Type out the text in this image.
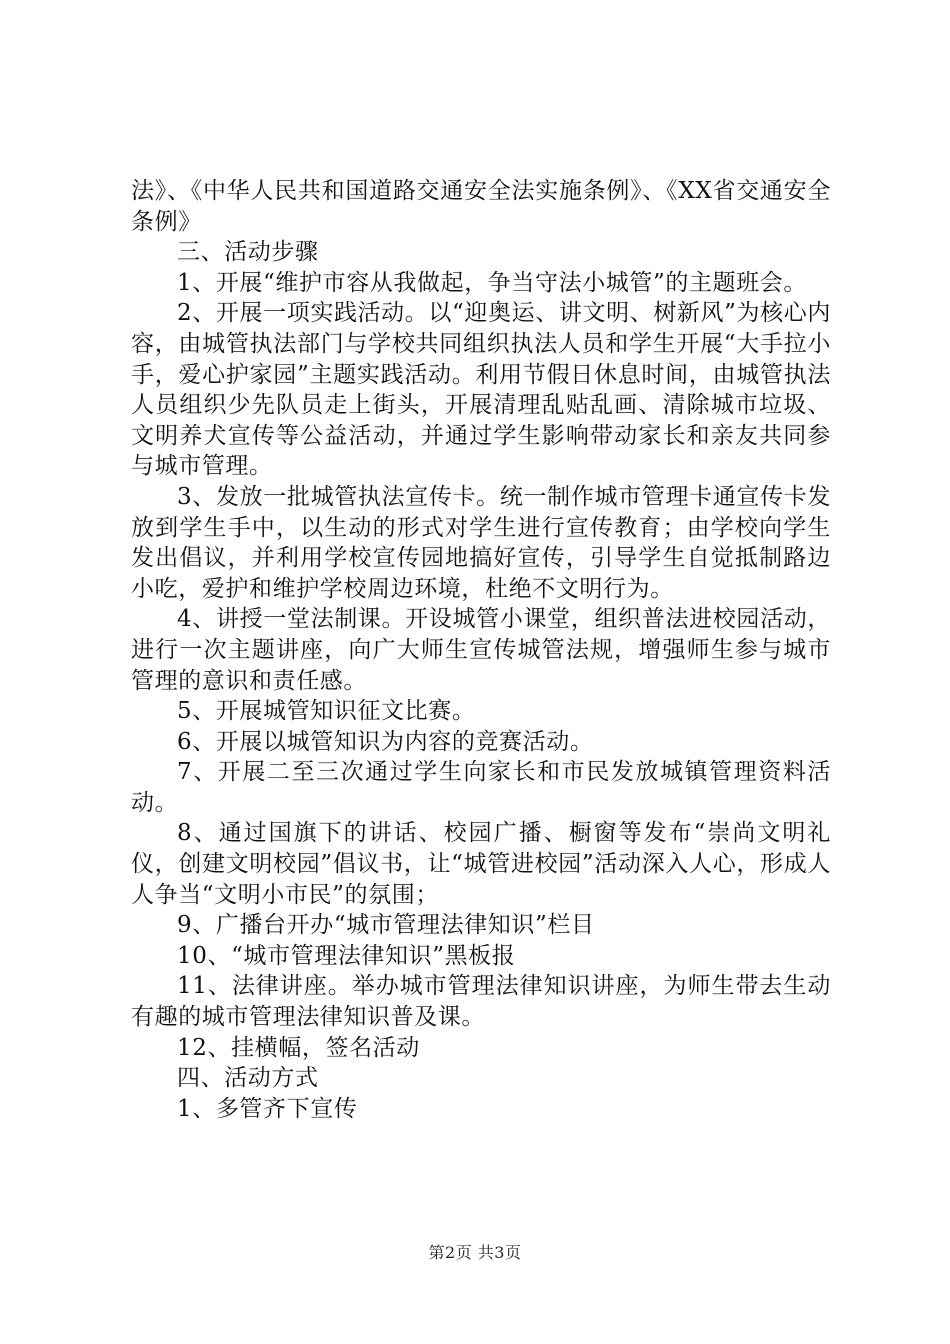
法》、《中华人民共和国道路交通安全法实施条例》、《XX省交通安全条例》

三、活动步骤

1、开展“维护市容从我做起，争当守法小城管”的主题班会。

2、开展一项实践活动。以“迎奥运、讲文明、树新风”为核心内容，由城管执法部门与学校共同组织执法人员和学生开展“大手拉小手，爱心护家园”主题实践活动。利用节假日休息时间，由城管执法人员组织少先队员走上街头，开展清理乱贴乱画、清除城市垃圾、文明养犬宣传等公益活动，并通过学生影响带动家长和亲友共同参与城市管理。

3、发放一批城管执法宣传卡。统一制作城市管理卡通宣传卡发放到学生手中，以生动的形式对学生进行宣传教育；由学校向学生发出倡议，并利用学校宣传园地搞好宣传，引导学生自觉抵制路边小吃，爱护和维护学校周边环境，杜绝不文明行为。

4、讲授一堂法制课。开设城管小课堂，组织普法进校园活动，进行一次主题讲座，向广大师生宣传城管法规，增强师生参与城市管理的意识和责任感。

5、开展城管知识征文比赛。

6、开展以城管知识为内容的竞赛活动。

7、开展二至三次通过学生向家长和市民发放城镇管理资料活动。

8、通过国旗下的讲话、校园广播、橱窗等发布“崇尚文明礼仪，创建文明校园”倡议书，让“城管进校园”活动深入人心，形成人人争当“文明小市民”的氛围；

9、广播台开办“城市管理法律知识”栏目

10、“城市管理法律知识”黑板报

11、法律讲座。举办城市管理法律知识讲座，为师生带去生动有趣的城市管理法律知识普及课。

12、挂横幅，签名活动

四、活动方式

1、多管齐下宣传

第2页 共3页
